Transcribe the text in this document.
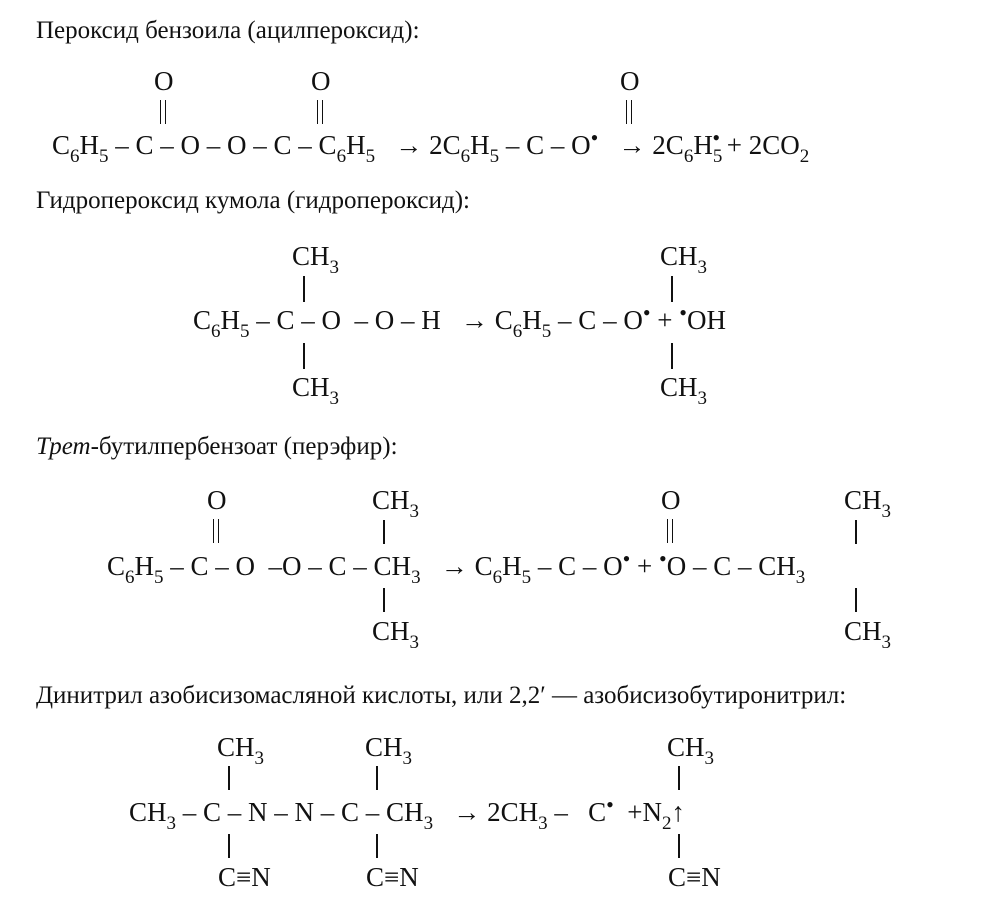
Пероксид бензоила (ацилпероксид):
O	O	O
$C_6H_5 - C - O - O - C - C_6H_5 \to 2C_6H_5 - C - O^• \to 2C_6H_5^• + 2CO_2$
Гидропероксид кумола (гидропероксид):
$CH_3$
$C_6H_5 - C - O - O - H \to C_6H_5 - C - O^• + ^•OH$
$CH_3$
$CH_3$
$CH_3$
Трет-бутилпербензоат (перэфир):
O	$CH_3$	O	$CH_3$
$C_6H_5$ – C – O $-O - C - CH_3 \to C_6H_5 - C - O^• + ^•O - C - CH_3$
$CH_3$	$CH_3$
Динитрил азобисизомасляной кислоты, или 2,2′ — азобисизобутиронитрил:
$CH_3$	$CH_3$	$CH_3$
$CH_3 - C - N - N - C - CH_3 \to 2CH_3 - C^•$ $+N_2↑$
C≡N	C≡N	C≡N
